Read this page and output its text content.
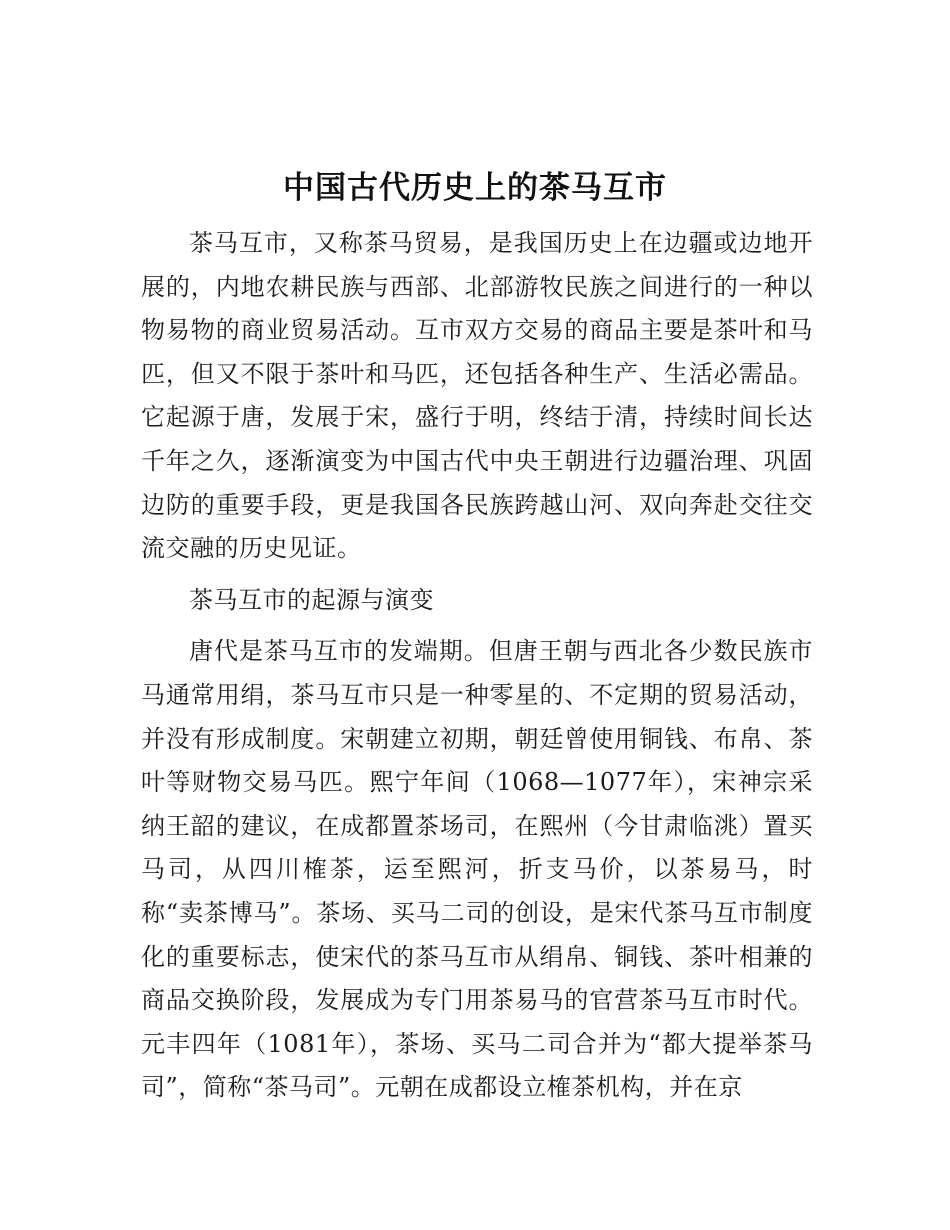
中国古代历史上的茶马互市

茶马互市，又称茶马贸易，是我国历史上在边疆或边地开展的，内地农耕民族与西部、北部游牧民族之间进行的一种以物易物的商业贸易活动。互市双方交易的商品主要是茶叶和马匹，但又不限于茶叶和马匹，还包括各种生产、生活必需品。它起源于唐，发展于宋，盛行于明，终结于清，持续时间长达千年之久，逐渐演变为中国古代中央王朝进行边疆治理、巩固边防的重要手段，更是我国各民族跨越山河、双向奔赴交往交流交融的历史见证。

茶马互市的起源与演变

唐代是茶马互市的发端期。但唐王朝与西北各少数民族市马通常用绢，茶马互市只是一种零星的、不定期的贸易活动，并没有形成制度。宋朝建立初期，朝廷曾使用铜钱、布帛、茶叶等财物交易马匹。熙宁年间（1068—1077年），宋神宗采纳王韶的建议，在成都置茶场司，在熙州（今甘肃临洮）置买马司，从四川榷茶，运至熙河，折支马价，以茶易马，时称“卖茶博马”。茶场、买马二司的创设，是宋代茶马互市制度化的重要标志，使宋代的茶马互市从绢帛、铜钱、茶叶相兼的商品交换阶段，发展成为专门用茶易马的官营茶马互市时代。元丰四年（1081年），茶场、买马二司合并为“都大提举茶马司”，简称“茶马司”。元朝在成都设立榷茶机构，并在京
